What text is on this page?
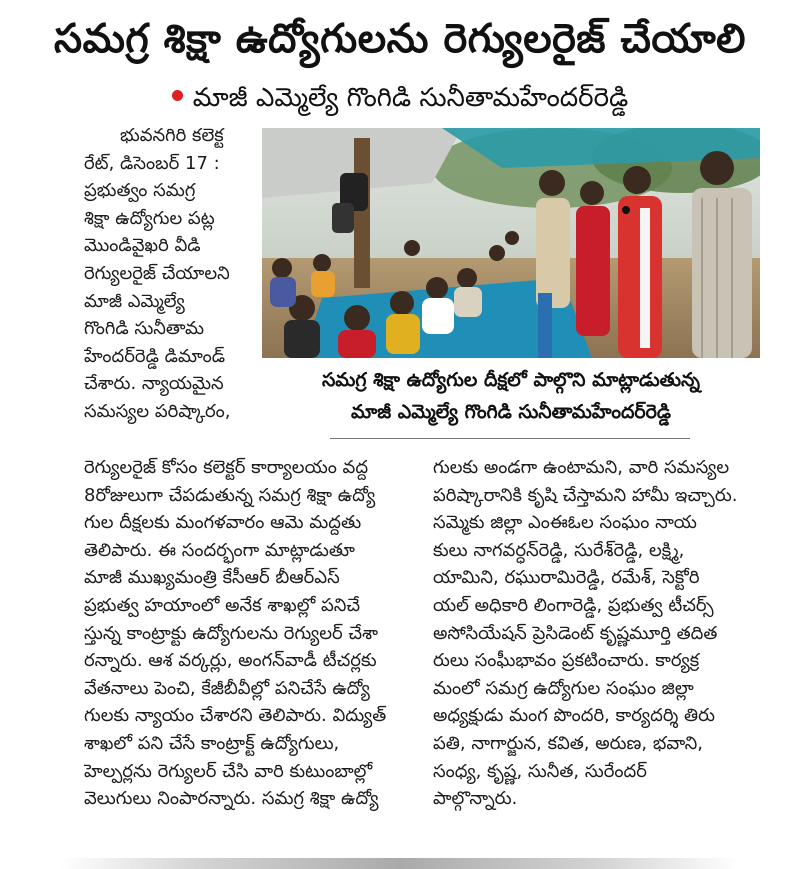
సమగ్ర శిక్షా ఉద్యోగులను రెగ్యులరైజ్ చేయాలి
మాజీ ఎమ్మెల్యే గొంగిడి సునీతామహేందర్‌రెడ్డి
భువనగిరి కలెక్ట
రేట్, డిసెంబర్ 17 :
ప్రభుత్వం సమగ్ర
శిక్షా ఉద్యోగుల పట్ల
మొండివైఖరి వీడి
రెగ్యులరైజ్ చేయాలని
మాజీ ఎమ్మెల్యే
గొంగిడి సునీతామ
హేందర్‌రెడ్డి డిమాండ్
చేశారు. న్యాయమైన
సమస్యల పరిష్కారం,
సమగ్ర శిక్షా ఉద్యోగుల దీక్షలో పాల్గొని మాట్లాడుతున్న
మాజీ ఎమ్మెల్యే గొంగిడి సునీతామహేందర్‌రెడ్డి
రెగ్యులరైజ్ కోసం కలెక్టర్ కార్యాలయం వద్ద
8రోజులుగా చేపడుతున్న సమగ్ర శిక్షా ఉద్యో
గుల దీక్షలకు మంగళవారం ఆమె మద్దతు
తెలిపారు. ఈ సందర్భంగా మాట్లాడుతూ
మాజీ ముఖ్యమంత్రి కేసీఆర్ బీఆర్ఎస్
ప్రభుత్వ హయాంలో అనేక శాఖల్లో పనిచే
స్తున్న కాంట్రాక్టు ఉద్యోగులను రెగ్యులర్ చేశా
రన్నారు. ఆశ వర్కర్లు, అంగన్‌వాడీ టీచర్లకు
వేతనాలు పెంచి, కేజీబీవీల్లో పనిచేసే ఉద్యో
గులకు న్యాయం చేశారని తెలిపారు. విద్యుత్
శాఖలో పని చేసే కాంట్రాక్ట్ ఉద్యోగులు,
హెల్పర్లను రెగ్యులర్ చేసి వారి కుటుంబాల్లో
వెలుగులు నింపారన్నారు. సమగ్ర శిక్షా ఉద్యో
గులకు అండగా ఉంటామని, వారి సమస్యల
పరిష్కారానికి కృషి చేస్తామని హామీ ఇచ్చారు.
సమ్మెకు జిల్లా ఎంఈఓల సంఘం నాయ
కులు నాగవర్ధన్‌రెడ్డి, సురేశ్‌రెడ్డి, లక్ష్మి,
యామిని, రఘురామిరెడ్డి, రమేశ్, సెక్టోరి
యల్ అధికారి లింగారెడ్డి, ప్రభుత్వ టీచర్స్
అసోసియేషన్ ప్రెసిడెంట్ కృష్ణమూర్తి తదిత
రులు సంఘీభావం ప్రకటించారు. కార్యక్ర
మంలో సమగ్ర ఉద్యోగుల సంఘం జిల్లా
అధ్యక్షుడు మంగ పొందరి, కార్యదర్శి తిరు
పతి, నాగార్జున, కవిత, అరుణ, భవాని,
సంధ్య, కృష్ణ, సునీత, సురేందర్
పాల్గొన్నారు.
